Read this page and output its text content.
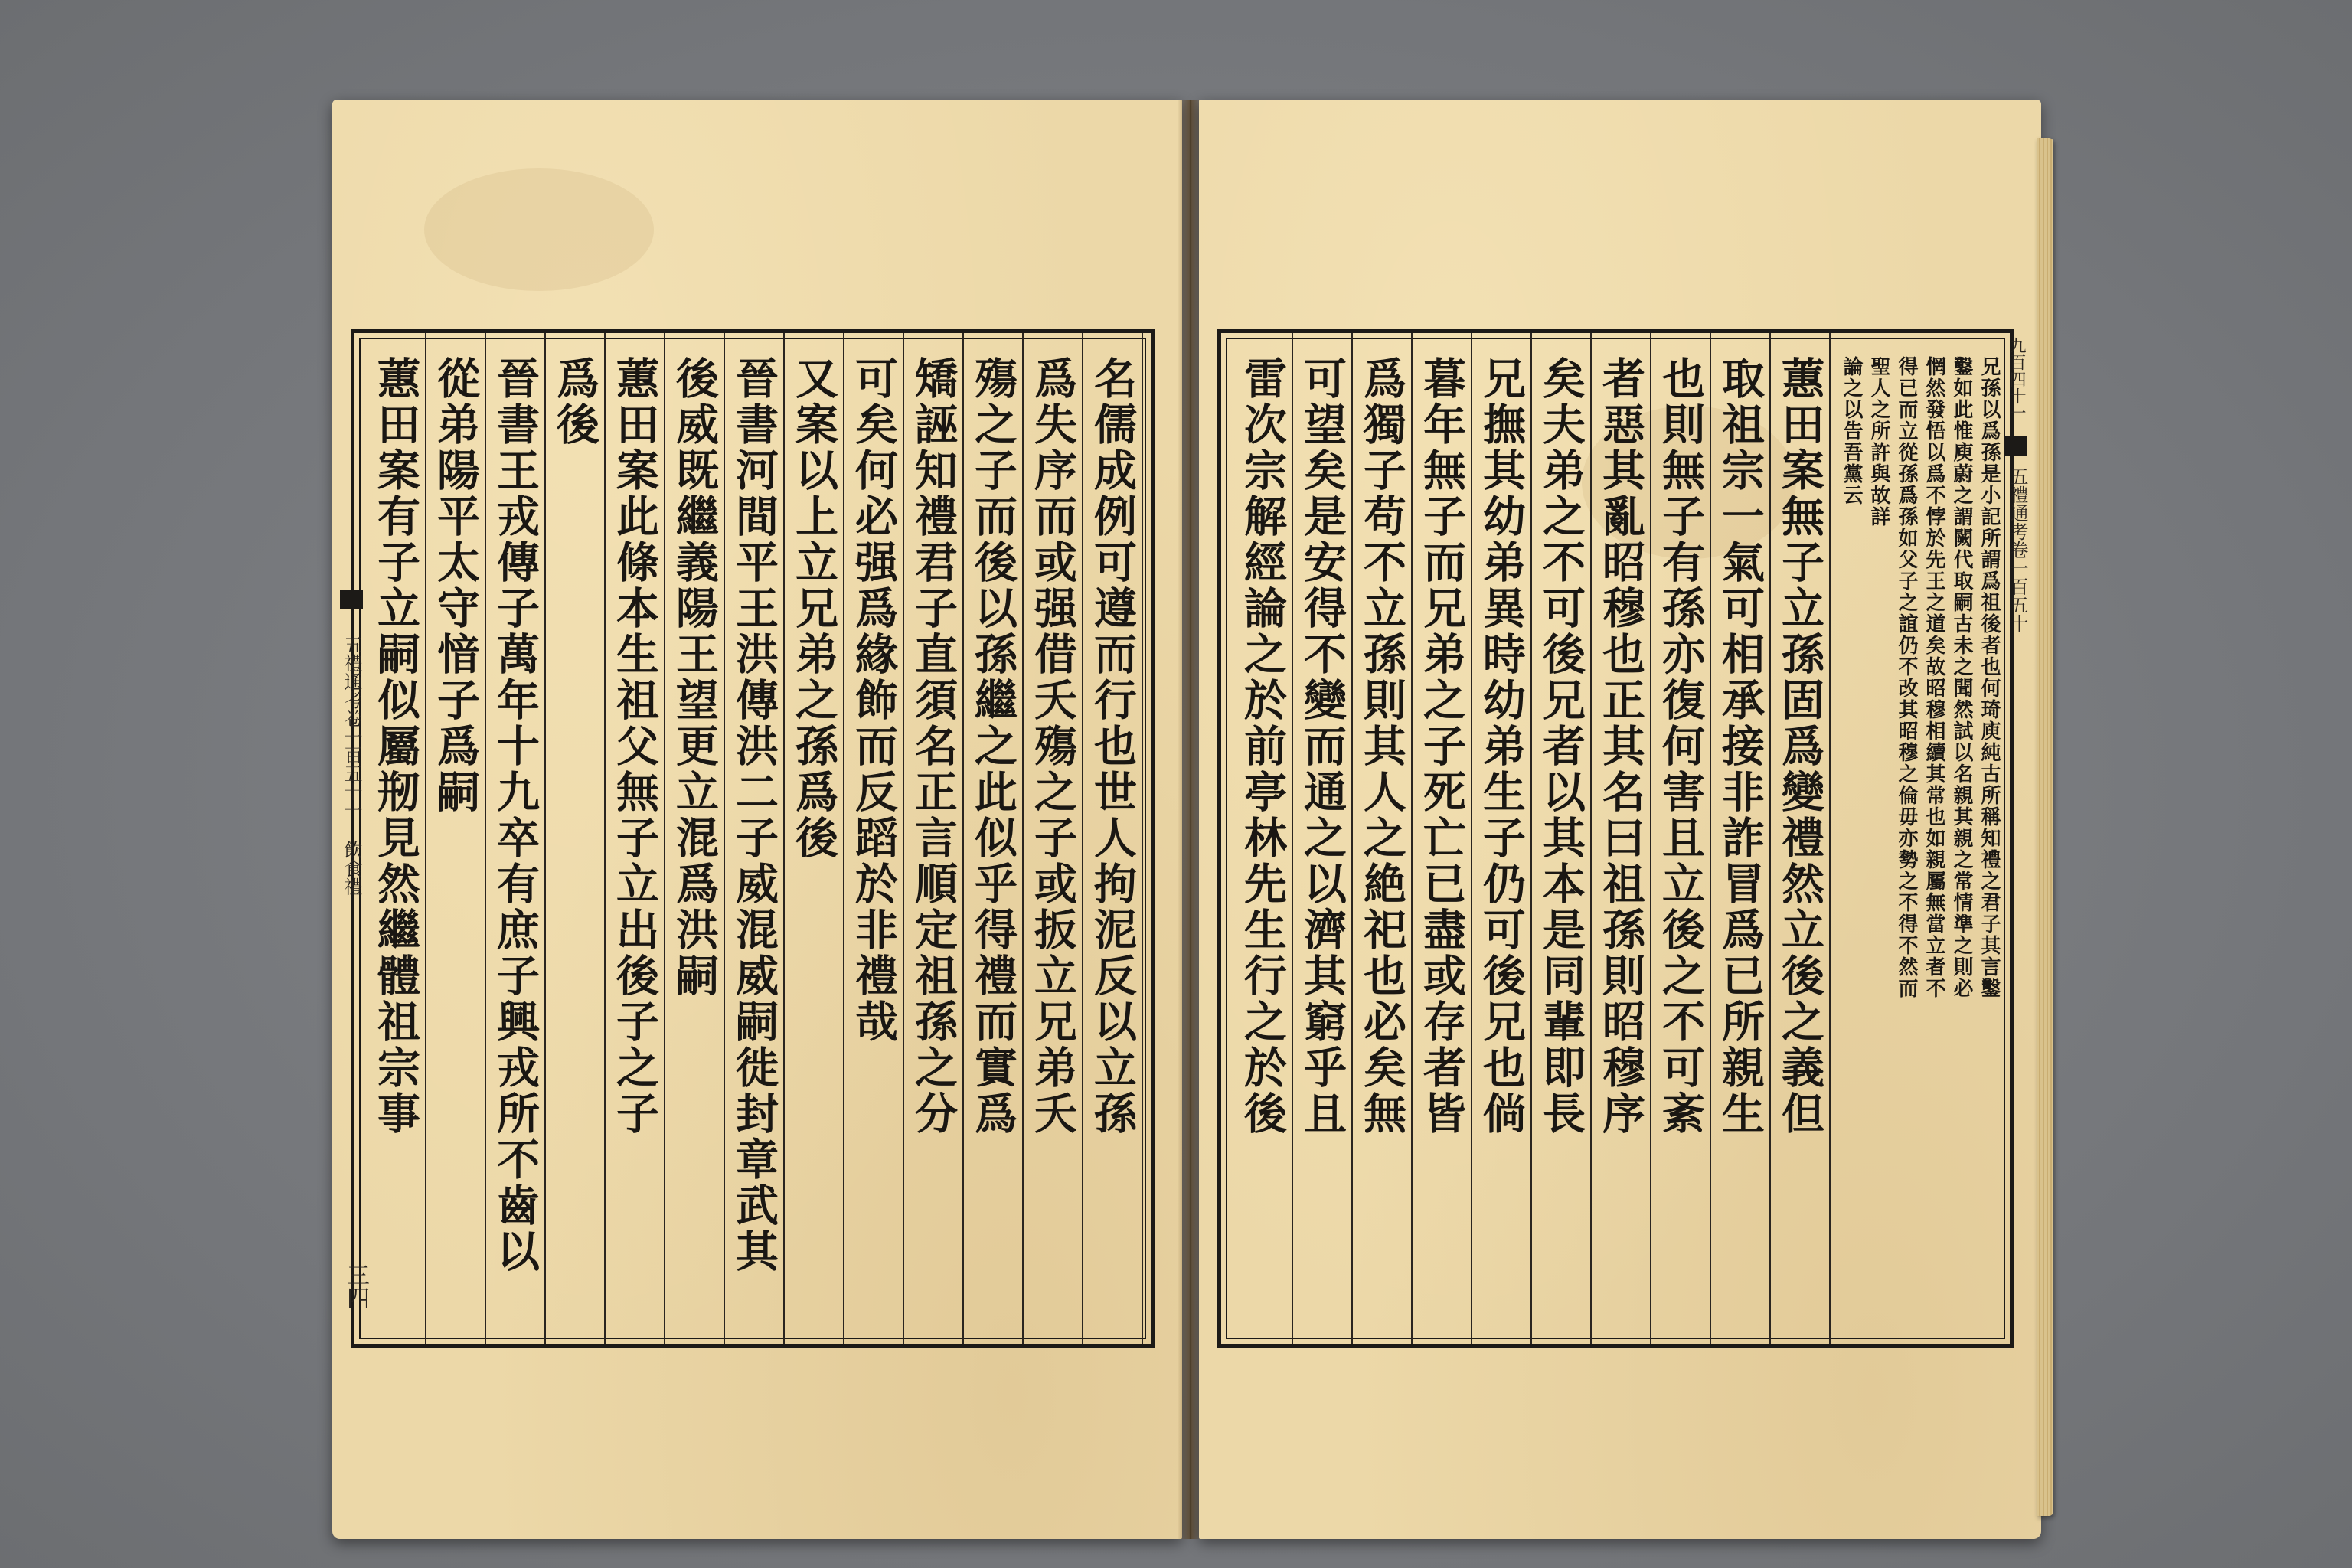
名儒成例可遵而行也世人拘泥反以立孫
爲失序而或强借夭殤之子或扳立兄弟夭
殤之子而後以孫繼之此似乎得禮而實爲
矯誣知禮君子直須名正言順定祖孫之分
可矣何必强爲緣飾而反蹈於非禮哉
又案以上立兄弟之孫爲後
晉書河間平王洪傳洪二子威混威嗣徙封章武其
後威既繼義陽王望更立混爲洪嗣
蕙田案此條本生祖父無子立出後子之子
爲後
晉書王戎傳子萬年十九卒有庶子興戎所不齒以
從弟陽平太守愔子爲嗣
蕙田案有子立嗣似屬剏見然繼體祖宗事
五禮通考卷一百五十一 飲食禮
三四
兄孫以爲孫是小記所謂爲祖後者也何琦庾純古所稱知禮之君子其言鑿
鑿如此惟庾蔚之謂闕代取嗣古未之聞然試以名親其親之常情準之則必
惘然發悟以爲不悖於先王之道矣故昭穆相續其常也如親屬無當立者不
得已而立從孫爲孫如父子之誼仍不改其昭穆之倫毋亦勢之不得不然而
聖人之所許與故詳
論之以告吾黨云
蕙田案無子立孫固爲變禮然立後之義但
取祖宗一氣可相承接非詐冒爲已所親生
也則無子有孫亦復何害且立後之不可紊
者惡其亂昭穆也正其名曰祖孫則昭穆序
矣夫弟之不可後兄者以其本是同輩即長
兄撫其幼弟異時幼弟生子仍可後兄也倘
暮年無子而兄弟之子死亡已盡或存者皆
爲獨子苟不立孫則其人之絶祀也必矣無
可望矣是安得不變而通之以濟其窮乎且
雷次宗解經論之於前亭林先生行之於後	九百四十一
五禮通考卷一百五十
